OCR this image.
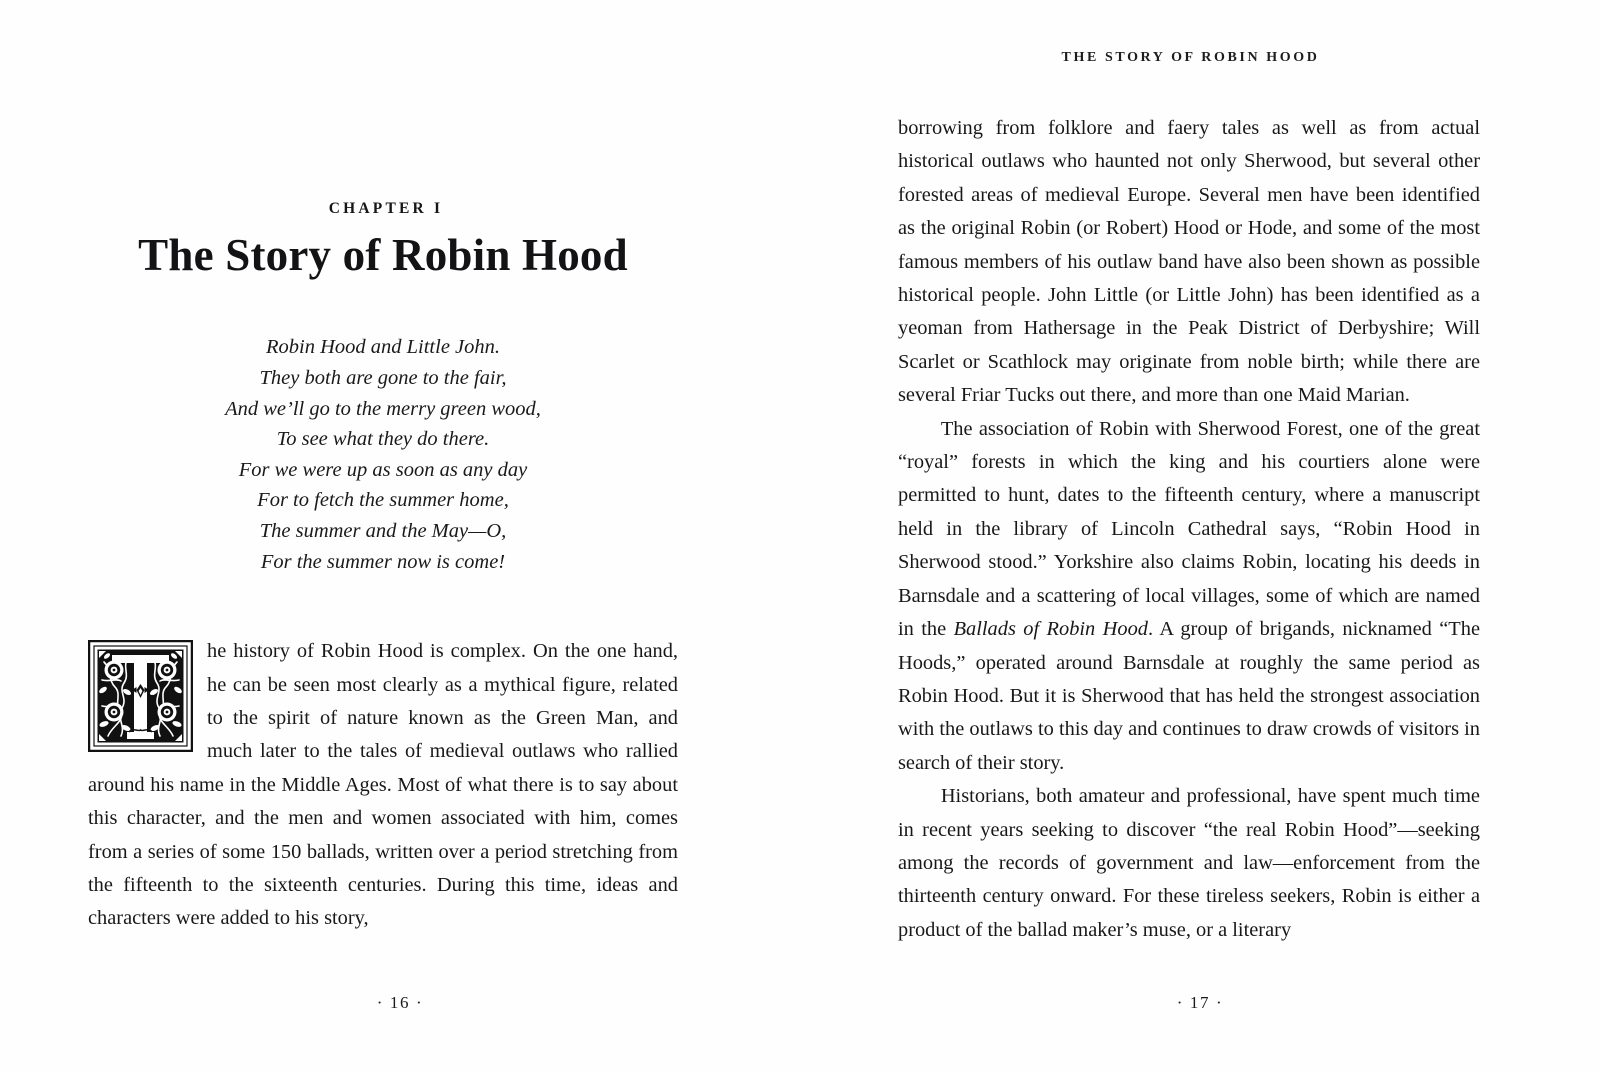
CHAPTER I
The Story of Robin Hood
Robin Hood and Little John.
They both are gone to the fair,
And we’ll go to the merry green wood,
To see what they do there.
For we were up as soon as any day
For to fetch the summer home,
The summer and the May—O,
For the summer now is come!

he history of Robin Hood is complex. On the one hand, he can be seen most clearly as a mythical figure, related to the spirit of nature known as the Green Man, and much later to the tales of medieval outlaws who rallied around his name in the Middle Ages. Most of what there is to say about this character, and the men and women associated with him, comes from a series of some 150 ballads, written over a period stretching from the fifteenth to the sixteenth centuries. During this time, ideas and characters were added to his story,

· 16 ·
THE STORY OF ROBIN HOOD

borrowing from folklore and faery tales as well as from actual historical outlaws who haunted not only Sherwood, but several other forested areas of medieval Europe. Several men have been identified as the original Robin (or Robert) Hood or Hode, and some of the most famous members of his outlaw band have also been shown as possible historical people. John Little (or Little John) has been identified as a yeoman from Hathersage in the Peak District of Derbyshire; Will Scarlet or Scathlock may originate from noble birth; while there are several Friar Tucks out there, and more than one Maid Marian.

The association of Robin with Sherwood Forest, one of the great “royal” forests in which the king and his courtiers alone were permitted to hunt, dates to the fifteenth century, where a manuscript held in the library of Lincoln Cathedral says, “Robin Hood in Sherwood stood.” Yorkshire also claims Robin, locating his deeds in Barnsdale and a scattering of local villages, some of which are named in the Ballads of Robin Hood. A group of brigands, nicknamed “The Hoods,” operated around Barnsdale at roughly the same period as Robin Hood. But it is Sherwood that has held the strongest association with the outlaws to this day and continues to draw crowds of visitors in search of their story.

Historians, both amateur and professional, have spent much time in recent years seeking to discover “the real Robin Hood”—seeking among the records of government and law—enforcement from the thirteenth century onward. For these tireless seekers, Robin is either a product of the ballad maker’s muse, or a literary

· 17 ·
